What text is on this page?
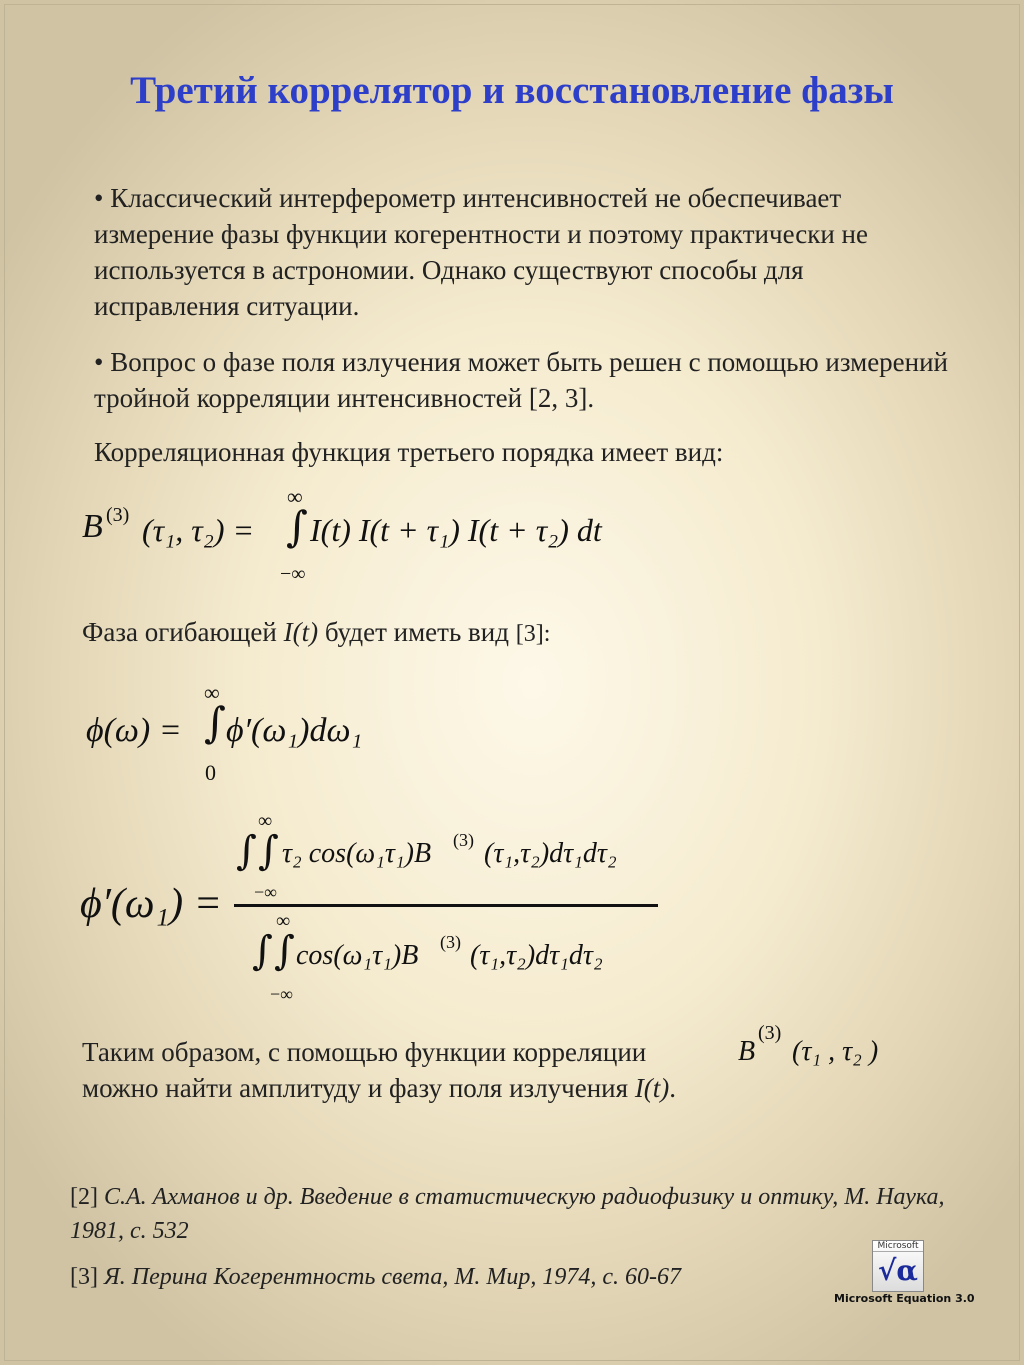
Третий коррелятор и восстановление фазы
• Классический интерферометр интенсивностей не обеспечивает измерение фазы функции когерентности и поэтому практически не используется в астрономии. Однако существуют способы для исправления ситуации.
• Вопрос о фазе поля излучения может быть решен с помощью измерений тройной корреляции интенсивностей [2, 3].
Корреляционная функция третьего порядка имеет вид:
B (3) (τ₁, τ₂) =
∞
∫
−∞
I(t) I(t + τ₁) I(t + τ₂) dt
Фаза огибающей I(t) будет иметь вид [3]:
ϕ(ω) =
∞
∫
0
ϕ′(ω₁)dω₁
ϕ′(ω₁) =
∞
∫ ∫
−∞
τ₂ cos(ω₁τ₁)B (3) (τ₁,τ₂)dτ₁dτ₂
∞
∫ ∫
−∞
cos(ω₁τ₁)B (3) (τ₁,τ₂)dτ₁dτ₂
Таким образом, с помощью функции корреляции	B
(3)
(τ₁ , τ₂ )
можно найти амплитуду и фазу поля излучения I(t).
[2] С.А. Ахманов и др. Введение в статистическую радиофизику и оптику, М. Наука, 1981, с. 532
[3] Я. Перина Когерентность света, М. Мир, 1974, с. 60-67
Microsoft
√α
Microsoft Equation 3.0
